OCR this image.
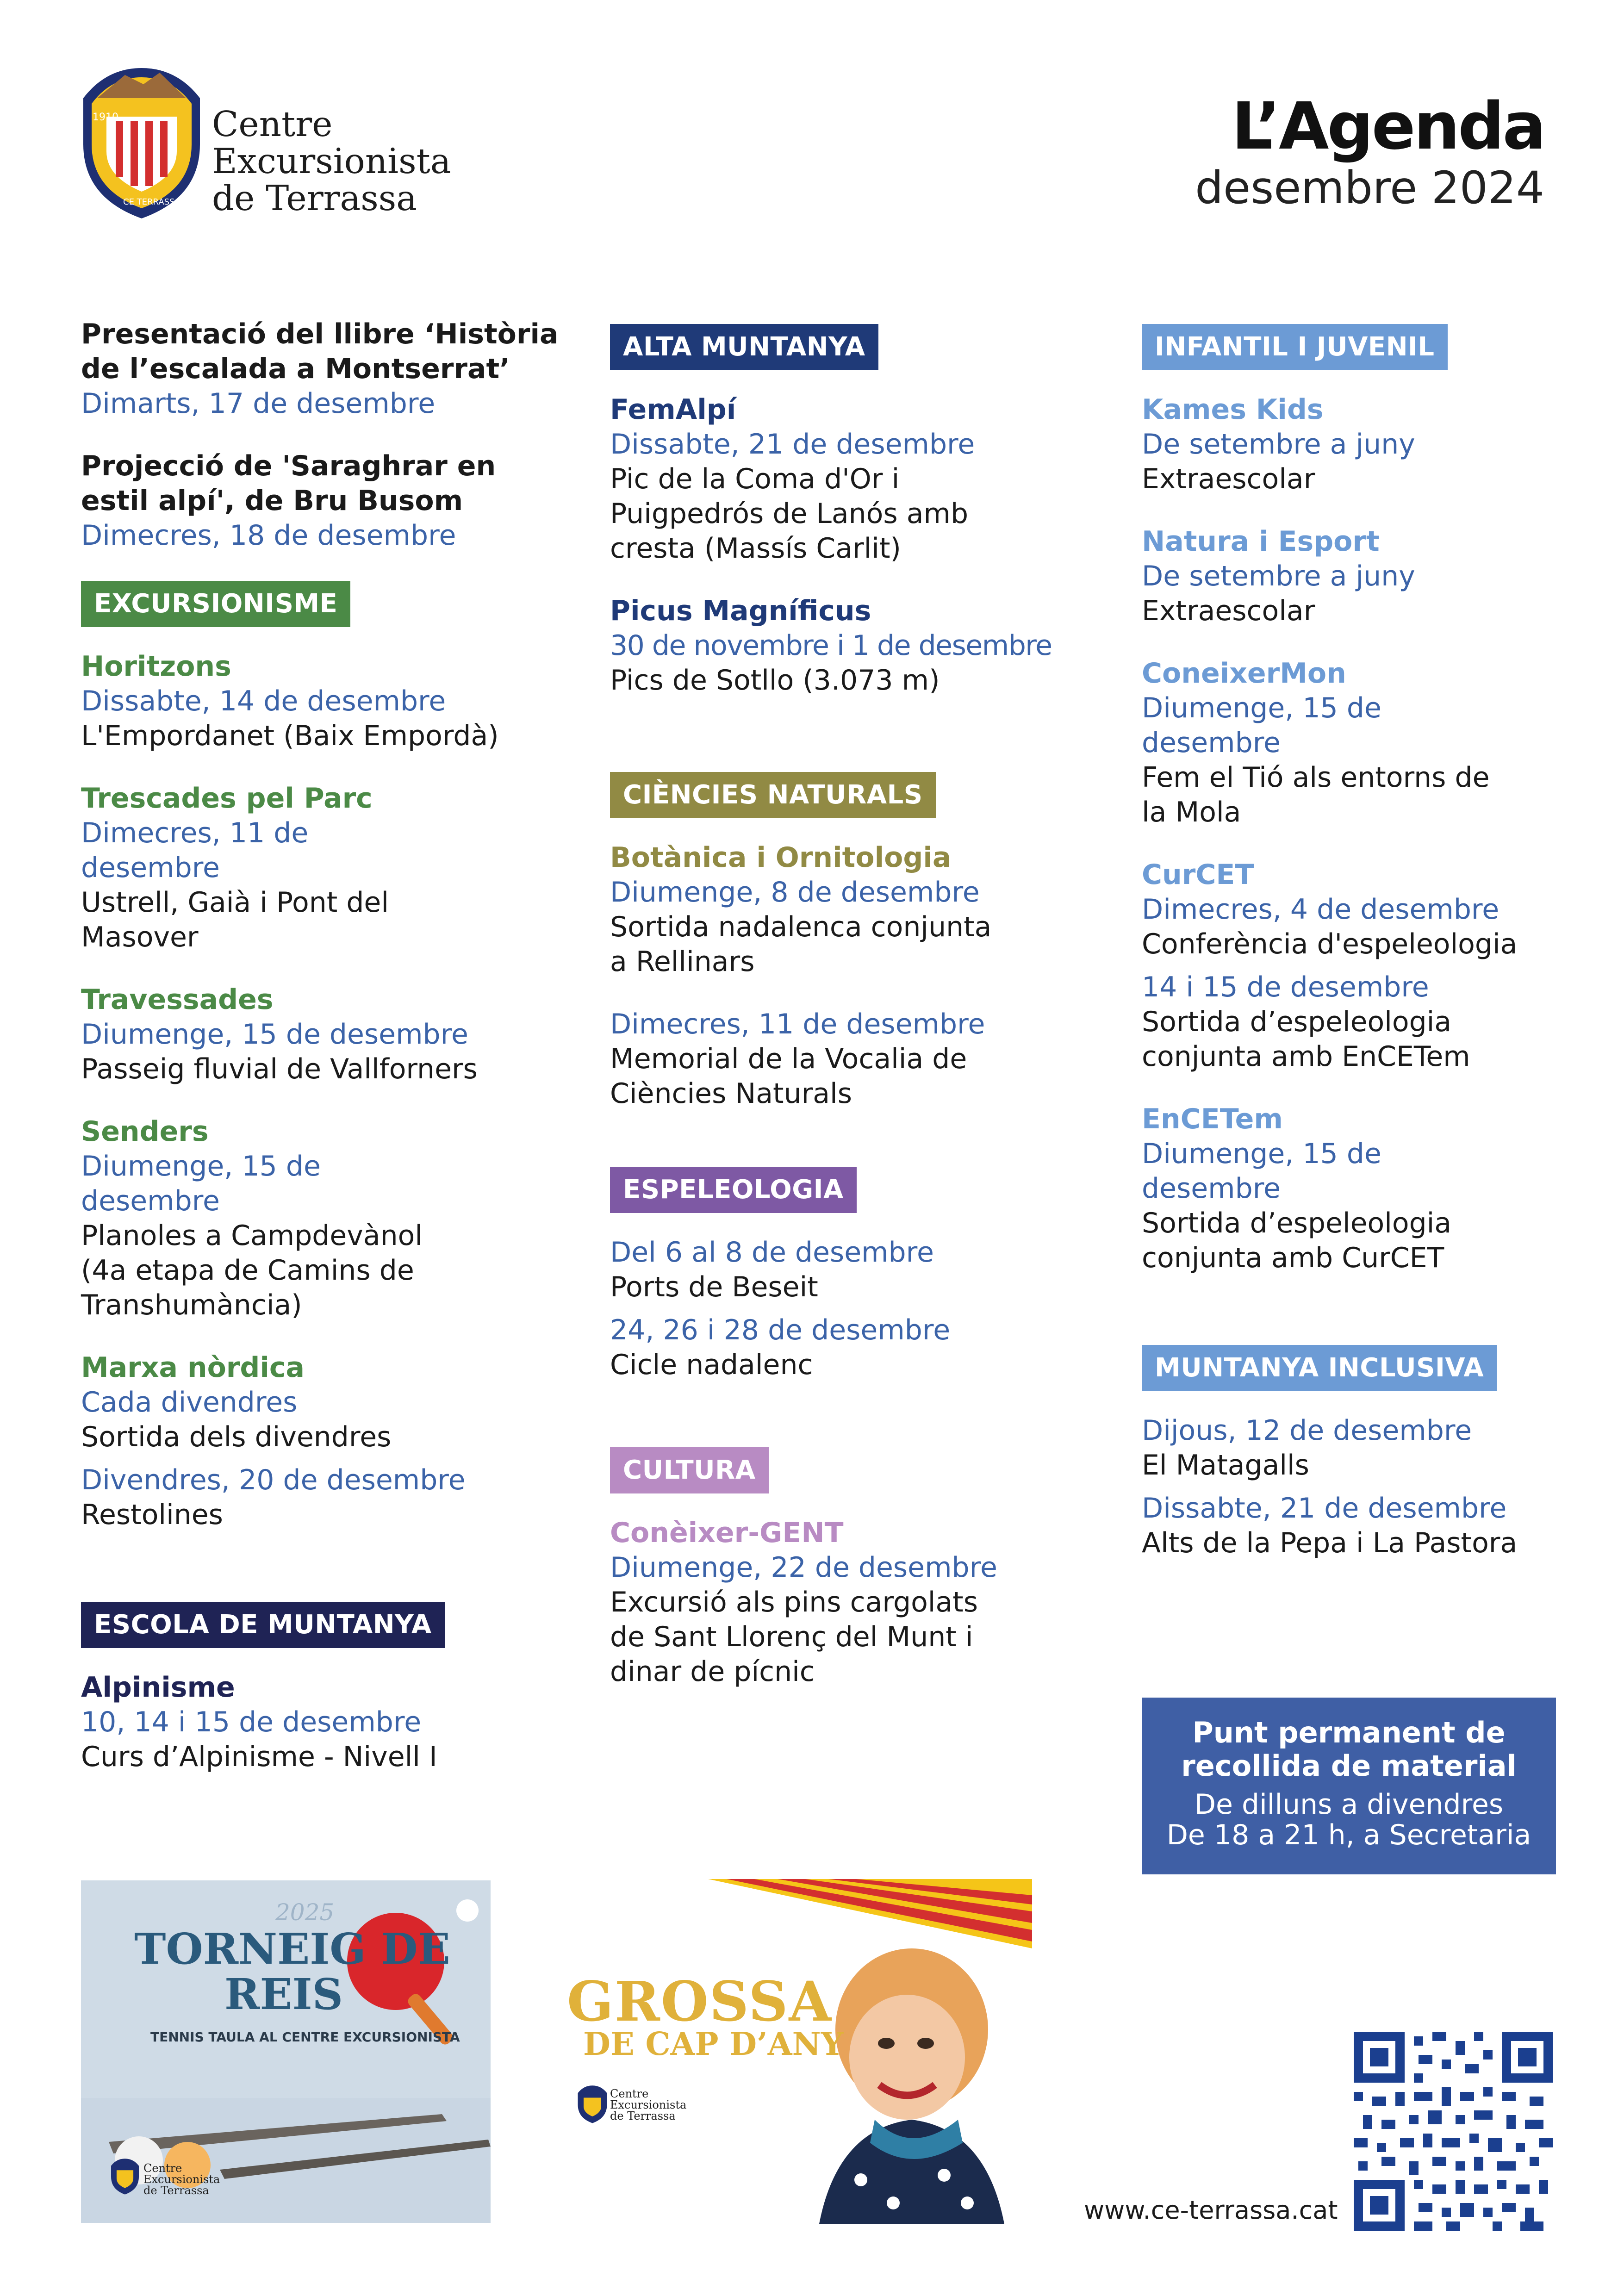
1910
CE TERRASSA
Centre
Excursionista
de Terrassa
L’Agenda
desembre 2024
Presentació del llibre ‘Història de l’escalada a Montserrat’
Dimarts, 17 de desembre
Projecció de 'Saraghrar en estil alpí', de Bru Busom
Dimecres, 18 de desembre
EXCURSIONISME
Horitzons
Dissabte, 14 de desembre
L'Empordanet (Baix Empordà)
Trescades pel Parc
Dimecres, 11 de desembre
Ustrell, Gaià i Pont del Masover
Travessades
Diumenge, 15 de desembre
Passeig fluvial de Vallforners
Senders
Diumenge, 15 de desembre
Planoles a Campdevànol (4a etapa de Camins de Transhumància)
Marxa nòrdica
Cada divendres
Sortida dels divendres
Divendres, 20 de desembre
Restolines
ESCOLA DE MUNTANYA
Alpinisme
10, 14 i 15 de desembre
Curs d’Alpinisme - Nivell I
ALTA MUNTANYA
FemAlpí
Dissabte, 21 de desembre
Pic de la Coma d'Or i Puigpedrós de Lanós amb cresta (Massís Carlit)
Picus Magníficus
30 de novembre i 1 de desembre
Pics de Sotllo (3.073 m)
CIÈNCIES NATURALS
Botànica i Ornitologia
Diumenge, 8 de desembre
Sortida nadalenca conjunta a Rellinars
Dimecres, 11 de desembre
Memorial de la Vocalia de Ciències Naturals
ESPELEOLOGIA
Del 6 al 8 de desembre
Ports de Beseit
24, 26 i 28 de desembre
Cicle nadalenc
CULTURA
Conèixer-GENT
Diumenge, 22 de desembre
Excursió als pins cargolats de Sant Llorenç del Munt i dinar de pícnic
INFANTIL I JUVENIL
Kames Kids
De setembre a juny
Extraescolar
Natura i Esport
De setembre a juny
Extraescolar
ConeixerMon
Diumenge, 15 de desembre
Fem el Tió als entorns de la Mola
CurCET
Dimecres, 4 de desembre
Conferència d'espeleologia
14 i 15 de desembre
Sortida d’espeleologia conjunta amb EnCETem
EnCETem
Diumenge, 15 de desembre
Sortida d’espeleologia conjunta amb CurCET
MUNTANYA INCLUSIVA
Dijous, 12 de desembre
El Matagalls
Dissabte, 21 de desembre
Alts de la Pepa i La Pastora
Punt permanent de
recollida de material
De dilluns a divendres
De 18 a 21 h, a Secretaria
2025
TORNEIG DE
REIS
TENNIS TAULA AL CENTRE EXCURSIONISTA
Centre
Excursionista
de Terrassa
GROSSA
DE CAP D’ANY
Centre
Excursionista
de Terrassa
www.ce-terrassa.cat
